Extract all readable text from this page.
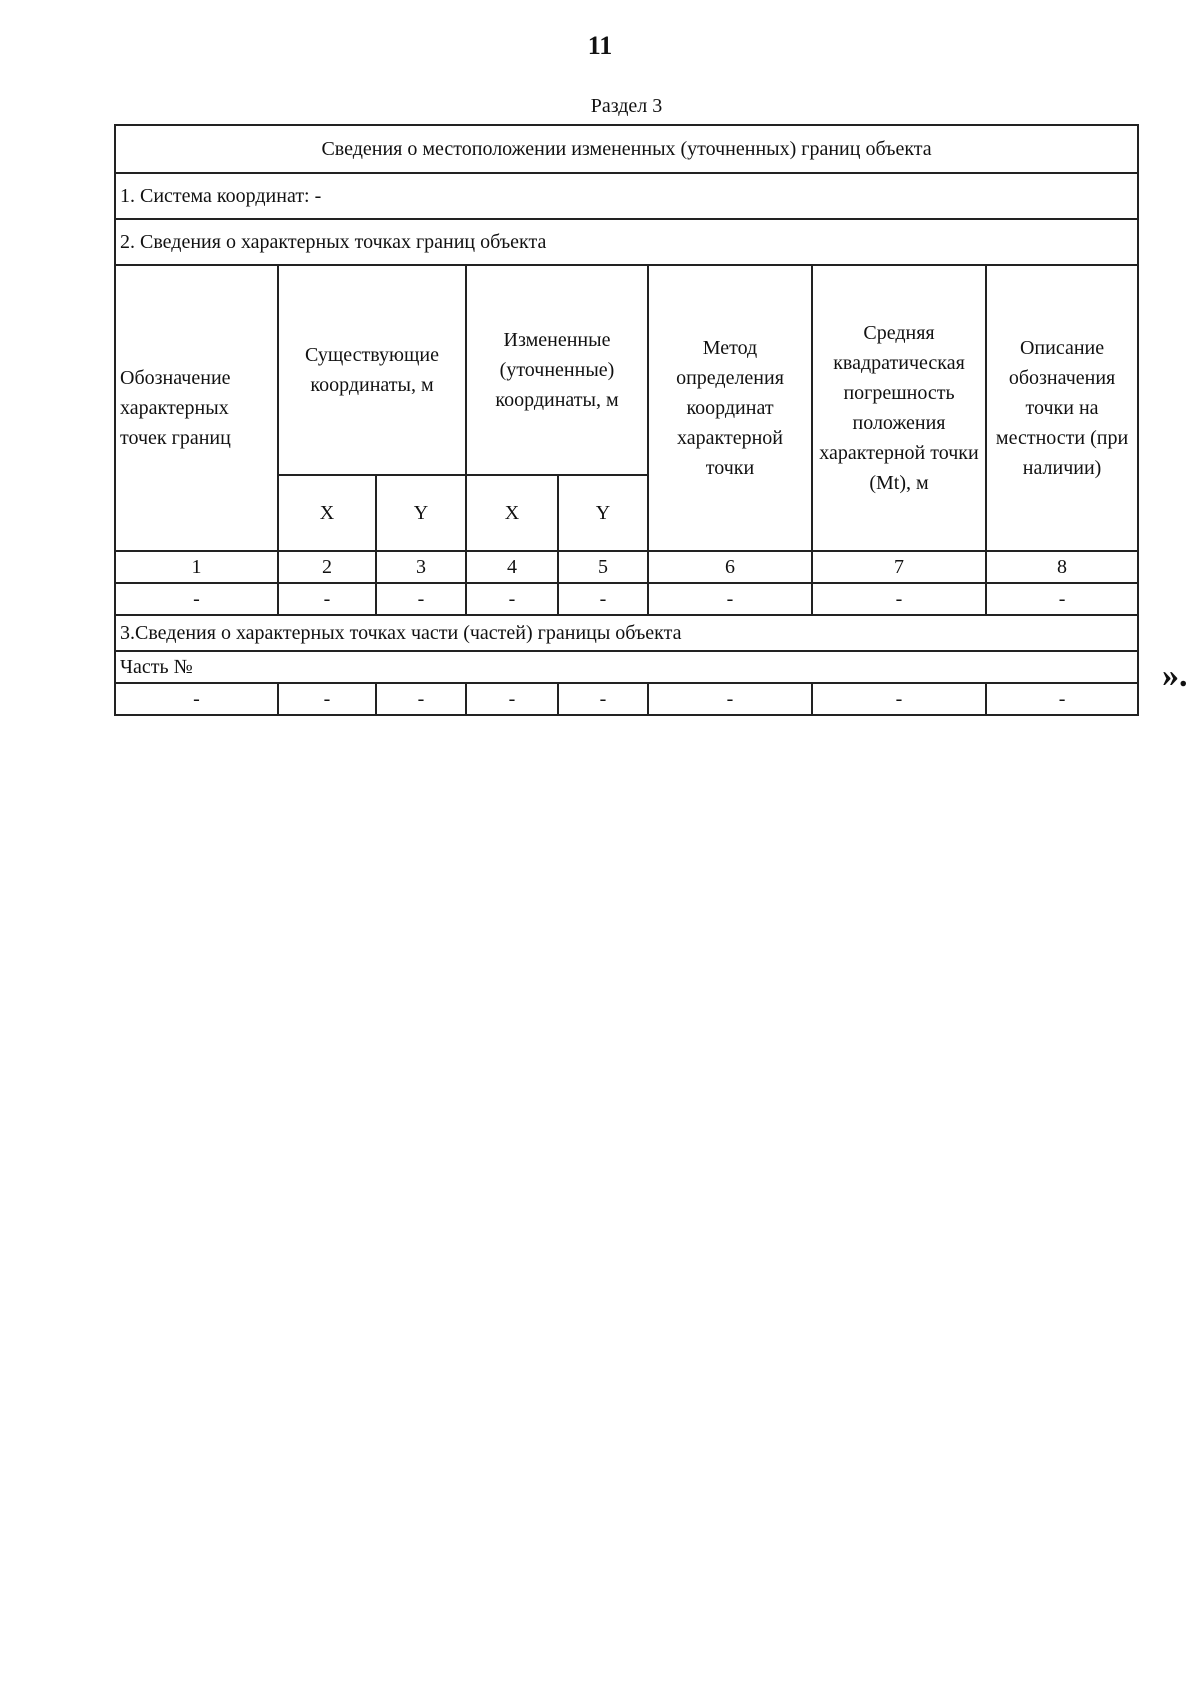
11
Раздел 3
Сведения о местоположении измененных (уточненных) границ объекта							
1. Система координат: -							
2. Сведения о характерных точках границ объекта							
Обозначение характерных точек границ	Существующие координаты, м		Измененные (уточненные) координаты, м		Метод определения координат характерной точки	Средняя квадратическая погрешность положения характерной точки (Mt), м	Описание обозначения точки на местности (при наличии)
	X	Y	X	Y			
1	2	3	4	5	6	7	8
-	-	-	-	-	-	-	-
3.Сведения о характерных точках части (частей) границы объекта							
Часть №							
-	-	-	-	-	-	-	-
».
